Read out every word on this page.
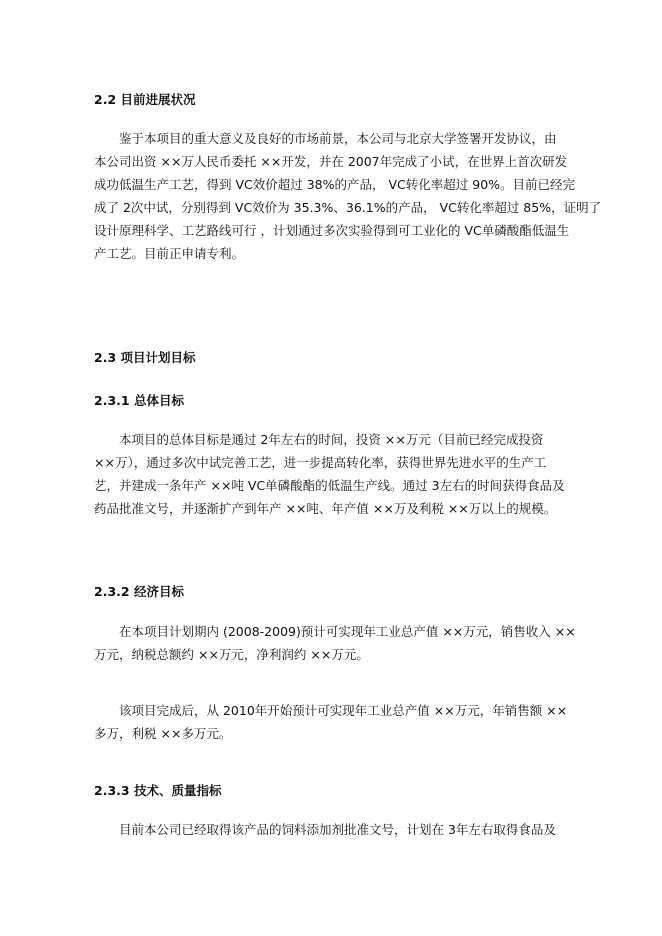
2.2 目前进展状况
鉴于本项目的重大意义及良好的市场前景，本公司与北京大学签署开发协议，由
本公司出资 ××万人民币委托 ××开发，并在 2007年完成了小试，在世界上首次研发
成功低温生产工艺，得到 VC效价超过 38%的产品， VC转化率超过 90%。目前已经完
成了 2次中试，分别得到 VC效价为 35.3%、36.1%的产品， VC转化率超过 85%，证明了
设计原理科学、工艺路线可行 ，计划通过多次实验得到可工业化的 VC单磷酸酯低温生
产工艺。目前正申请专利。
2.3 项目计划目标
2.3.1 总体目标
本项目的总体目标是通过 2年左右的时间，投资 ××万元（目前已经完成投资
××万），通过多次中试完善工艺，进一步提高转化率，获得世界先进水平的生产工
艺，并建成一条年产 ××吨 VC单磷酸酯的低温生产线。通过 3左右的时间获得食品及
药品批准文号，并逐渐扩产到年产 ××吨、年产值 ××万及利税 ××万以上的规模。
2.3.2 经济目标
在本项目计划期内 (2008-2009)预计可实现年工业总产值 ××万元，销售收入 ××
万元，纳税总额约 ××万元，净利润约 ××万元。
该项目完成后，从 2010年开始预计可实现年工业总产值 ××万元，年销售额 ××
多万，利税 ××多万元。
2.3.3 技术、质量指标
目前本公司已经取得该产品的饲料添加剂批准文号，计划在 3年左右取得食品及
